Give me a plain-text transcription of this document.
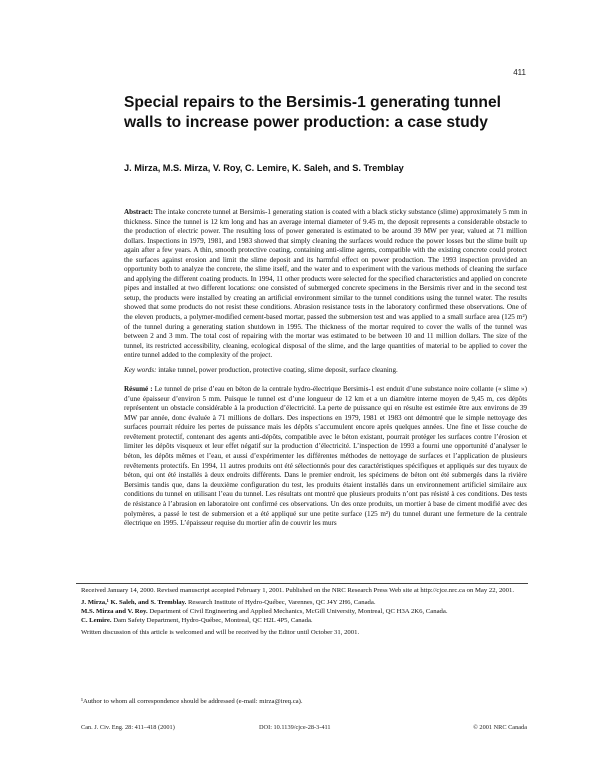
411
Special repairs to the Bersimis-1 generating tunnel walls to increase power production: a case study
J. Mirza, M.S. Mirza, V. Roy, C. Lemire, K. Saleh, and S. Tremblay

Abstract: The intake concrete tunnel at Bersimis-1 generating station is coated with a black sticky substance (slime) approximately 5 mm in thickness. Since the tunnel is 12 km long and has an average internal diameter of 9.45 m, the deposit represents a considerable obstacle to the production of electric power. The resulting loss of power generated is estimated to be around 39 MW per year, valued at 71 million dollars. Inspections in 1979, 1981, and 1983 showed that simply cleaning the surfaces would reduce the power losses but the slime built up again after a few years. A thin, smooth protective coating, containing anti-slime agents, compatible with the existing concrete could protect the surfaces against erosion and limit the slime deposit and its harmful effect on power production. The 1993 inspection provided an opportunity both to analyze the concrete, the slime itself, and the water and to experiment with the various methods of cleaning the surface and applying the different coating products. In 1994, 11 other products were selected for the specified characteristics and applied on concrete pipes and installed at two different locations: one consisted of submerged concrete specimens in the Bersimis river and in the second test setup, the products were installed by creating an artificial environment similar to the tunnel conditions using the tunnel water. The results showed that some products do not resist these conditions. Abrasion resistance tests in the laboratory confirmed these observations. One of the eleven products, a polymer-modified cement-based mortar, passed the submersion test and was applied to a small surface area (125 m²) of the tunnel during a generating station shutdown in 1995. The thickness of the mortar required to cover the walls of the tunnel was between 2 and 3 mm. The total cost of repairing with the mortar was estimated to be between 10 and 11 million dollars. The size of the tunnel, its restricted accessibility, cleaning, ecological disposal of the slime, and the large quantities of material to be applied to cover the entire tunnel added to the complexity of the project.

Key words: intake tunnel, power production, protective coating, slime deposit, surface cleaning.

Résumé : Le tunnel de prise d’eau en béton de la centrale hydro-électrique Bersimis-1 est enduit d’une substance noire collante (« slime ») d’une épaisseur d’environ 5 mm. Puisque le tunnel est d’une longueur de 12 km et a un diamètre interne moyen de 9,45 m, ces dépôts représentent un obstacle considérable à la production d’électricité. La perte de puissance qui en résulte est estimée être aux environs de 39 MW par année, donc évaluée à 71 millions de dollars. Des inspections en 1979, 1981 et 1983 ont démontré que le simple nettoyage des surfaces pourrait réduire les pertes de puissance mais les dépôts s’accumulent encore après quelques années. Une fine et lisse couche de revêtement protectif, contenant des agents anti-dépôts, compatible avec le béton existant, pourrait protéger les surfaces contre l’érosion et limiter les dépôts visqueux et leur effet négatif sur la production d’électricité. L’inspection de 1993 a fourni une opportunité d’analyser le béton, les dépôts mêmes et l’eau, et aussi d’expérimenter les différentes méthodes de nettoyage de surfaces et l’application de plusieurs revêtements protectifs. En 1994, 11 autres produits ont été sélectionnés pour des caractéristiques spécifiques et appliqués sur des tuyaux de béton, qui ont été installés à deux endroits différents. Dans le premier endroit, les spécimens de béton ont été submergés dans la rivière Bersimis tandis que, dans la deuxième configuration du test, les produits étaient installés dans un environnement artificiel similaire aux conditions du tunnel en utilisant l’eau du tunnel. Les résultats ont montré que plusieurs produits n’ont pas résisté à ces conditions. Des tests de résistance à l’abrasion en laboratoire ont confirmé ces observations. Un des onze produits, un mortier à base de ciment modifié avec des polymères, a passé le test de submersion et a été appliqué sur une petite surface (125 m²) du tunnel durant une fermeture de la centrale électrique en 1995. L’épaisseur requise du mortier afin de couvrir les murs

Received January 14, 2000. Revised manuscript accepted February 1, 2001. Published on the NRC Research Press Web site at http://cjce.nrc.ca on May 22, 2001.

J. Mirza,¹ K. Saleh, and S. Tremblay. Research Institute of Hydro-Québec, Varennes, QC J4Y 2H6, Canada.

M.S. Mirza and V. Roy. Department of Civil Engineering and Applied Mechanics, McGill University, Montreal, QC H3A 2K6, Canada.

C. Lemire. Dam Safety Department, Hydro-Québec, Montreal, QC H2L 4P5, Canada.

Written discussion of this article is welcomed and will be received by the Editor until October 31, 2001.

¹Author to whom all correspondence should be addressed (e-mail: mirza@ireq.ca).

Can. J. Civ. Eng. 28: 411–418 (2001)	DOI: 10.1139/cjce-28-3-411	© 2001 NRC Canada
